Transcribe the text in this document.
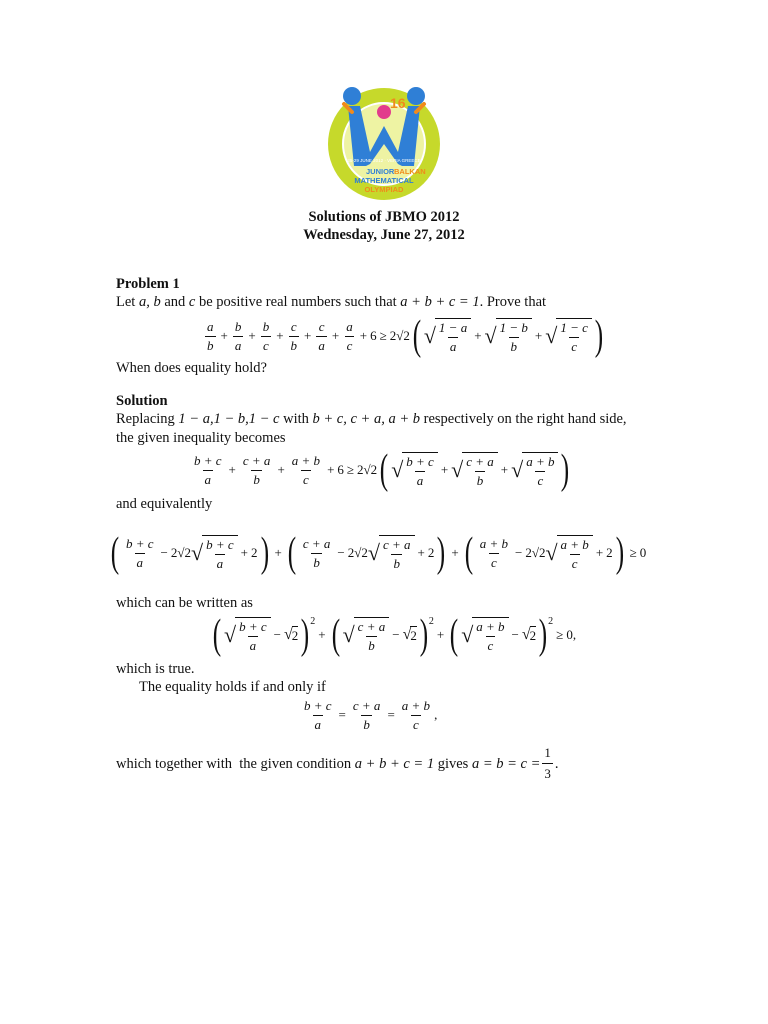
16
25-29 JUNE 2012 · VERIA GREECE
JUNIOR BALKAN
MATHEMATICAL
OLYMPIAD
Solutions of JBMO 2012
Wednesday, June 27, 2012
Problem 1
Let a, b and c be positive real numbers such that a + b + c = 1. Prove that
a
b
+ $\frac{b}{a} + \frac{b}{c} + \frac{c}{b} + \frac{c}{a} + \frac{a}{c} + 6 \ge 2√2$ ( √ 1 − a
a
+ √ 1 − b
b
+ √ 1 − c
c )
When does equality hold?
Solution
Replacing 1 − a,1 − b,1 − c with b + c, c + a, a + b respectively on the right hand side,
the given inequality becomes
b + c
a
+ $\frac{c + a}{b} + \frac{a + b}{c} + 6 \ge 2√2$ ( √ b + c
a
+ √ c + a
b
+ √ a + b
c )
and equivalently
( b + c
a
− 2√2 √ b + c
a
+ 2 ) + ( c + a
b
− 2√2 √ c + a
b
+ 2 ) + ( a + b
c
− 2√2 √ a + b
c
+ 2 ) ≥ 0
which can be written as
( √ b + c
a
− √ 2 ) 2
+ ( √ c + a
b
− √ 2 ) 2
+ ( √ a + b
c
− √ 2 ) 2
≥ 0 ,
which is true.
The equality holds if and only if
$\frac{b + c}{a} = \frac{c + a}{b} = \frac{a + b}{c}$ ,
which together with  the given condition a + b + c = 1 gives $a = b = c = \frac{1}{3}$ .
